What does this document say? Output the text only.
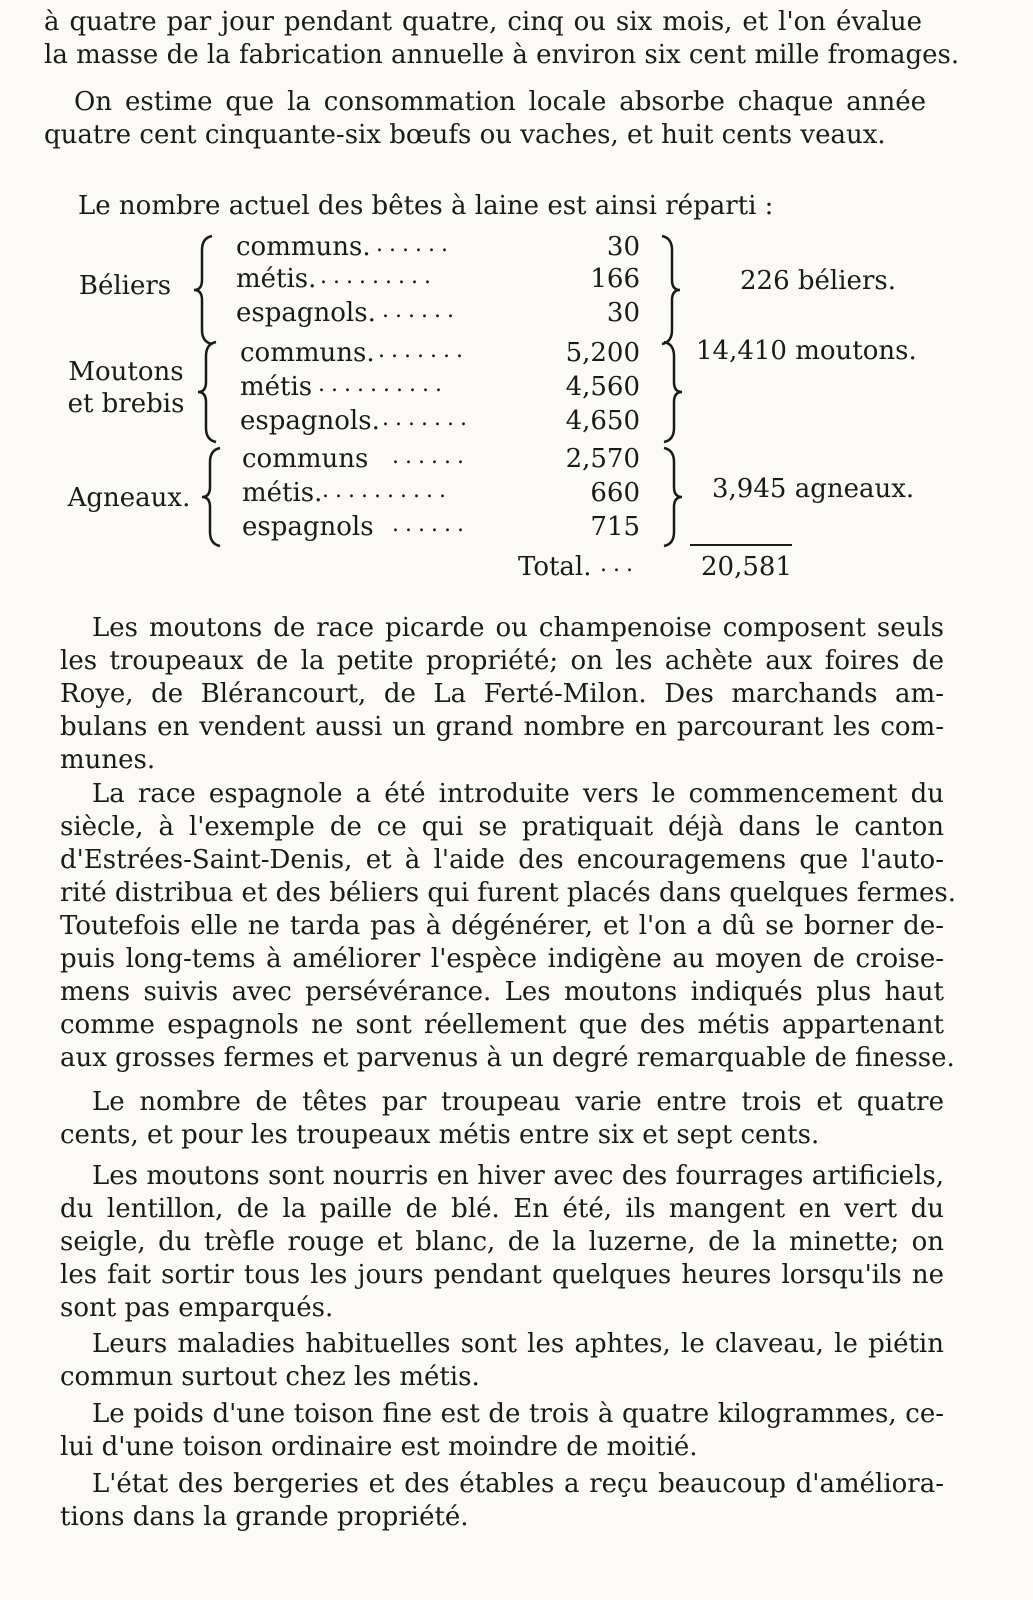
à quatre par jour pendant quatre, cinq ou six mois, et l'on évalue
la masse de la fabrication annuelle à environ six cent mille fromages.
On estime que la consommation locale absorbe chaque année
quatre cent cinquante-six bœufs ou vaches, et huit cents veaux.
Le nombre actuel des bêtes à laine est ainsi réparti :
Béliers
communs. ......	30
métis. .........	166
espagnols. ......	30
226 béliers.
Moutons
et brebis
communs. .......	5,200
métis ..........	4,560
espagnols. .......	4,650
14,410 moutons.
Agneaux.
communs ......	2,570
métis. ..........	660
espagnols ......	715
3,945 agneaux.
Total. ...	20,581
Les moutons de race picarde ou champenoise composent seuls
les troupeaux de la petite propriété; on les achète aux foires de
Roye, de Blérancourt, de La Ferté-Milon. Des marchands am-
bulans en vendent aussi un grand nombre en parcourant les com-
munes.
La race espagnole a été introduite vers le commencement du
siècle, à l'exemple de ce qui se pratiquait déjà dans le canton
d'Estrées-Saint-Denis, et à l'aide des encouragemens que l'auto-
rité distribua et des béliers qui furent placés dans quelques fermes.
Toutefois elle ne tarda pas à dégénérer, et l'on a dû se borner de-
puis long-tems à améliorer l'espèce indigène au moyen de croise-
mens suivis avec persévérance. Les moutons indiqués plus haut
comme espagnols ne sont réellement que des métis appartenant
aux grosses fermes et parvenus à un degré remarquable de finesse.
Le nombre de têtes par troupeau varie entre trois et quatre
cents, et pour les troupeaux métis entre six et sept cents.
Les moutons sont nourris en hiver avec des fourrages artificiels,
du lentillon, de la paille de blé. En été, ils mangent en vert du
seigle, du trèfle rouge et blanc, de la luzerne, de la minette; on
les fait sortir tous les jours pendant quelques heures lorsqu'ils ne
sont pas emparqués.
Leurs maladies habituelles sont les aphtes, le claveau, le piétin
commun surtout chez les métis.
Le poids d'une toison fine est de trois à quatre kilogrammes, ce-
lui d'une toison ordinaire est moindre de moitié.
L'état des bergeries et des étables a reçu beaucoup d'améliora-
tions dans la grande propriété.
